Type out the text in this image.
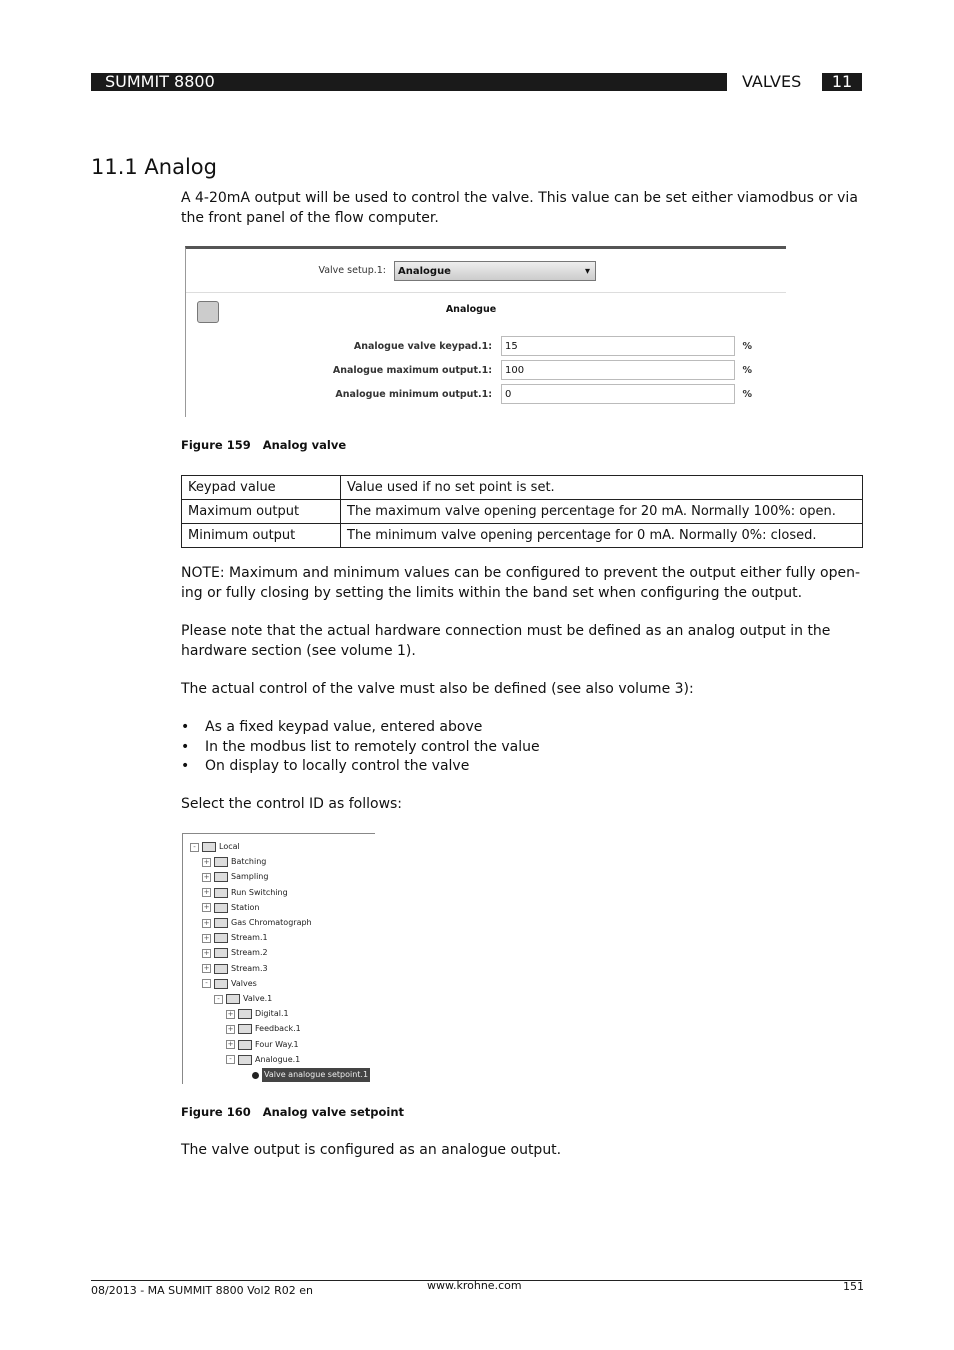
SUMMIT 8800	VALVES	11
11.1 Analog
A 4-20mA output will be used to control the valve. This value can be set either viamodbus or via the front panel of the flow computer.
Valve setup.1:	Analogue	▾
Analogue
Analogue valve keypad.1:	15	%
Analogue maximum output.1:	100	%
Analogue minimum output.1:	0	%
Figure 159 Analog valve
Keypad value	Value used if no set point is set.
Maximum output	The maximum valve opening percentage for 20 mA. Normally 100%: open.
Minimum output	The minimum valve opening percentage for 0 mA. Normally 0%: closed.
NOTE: Maximum and minimum values can be configured to prevent the output either fully open-ing or fully closing by setting the limits within the band set when configuring the output.
Please note that the actual hardware connection must be defined as an analog output in the hardware section (see volume 1).
The actual control of the valve must also be defined (see also volume 3):
• As a fixed keypad value, entered above
• In the modbus list to remotely control the value
• On display to locally control the valve
Select the control ID as follows:
-	Local
+	Batching
+	Sampling
+	Run Switching
+	Station
+	Gas Chromatograph
+	Stream.1
+	Stream.2
+	Stream.3
-	Valves
-	Valve.1
+	Digital.1
+	Feedback.1
+	Four Way.1
-	Analogue.1
Valve analogue setpoint.1
Figure 160 Analog valve setpoint
The valve output is configured as an analogue output.
08/2013 - MA SUMMIT 8800 Vol2 R02 en	www.krohne.com	151
